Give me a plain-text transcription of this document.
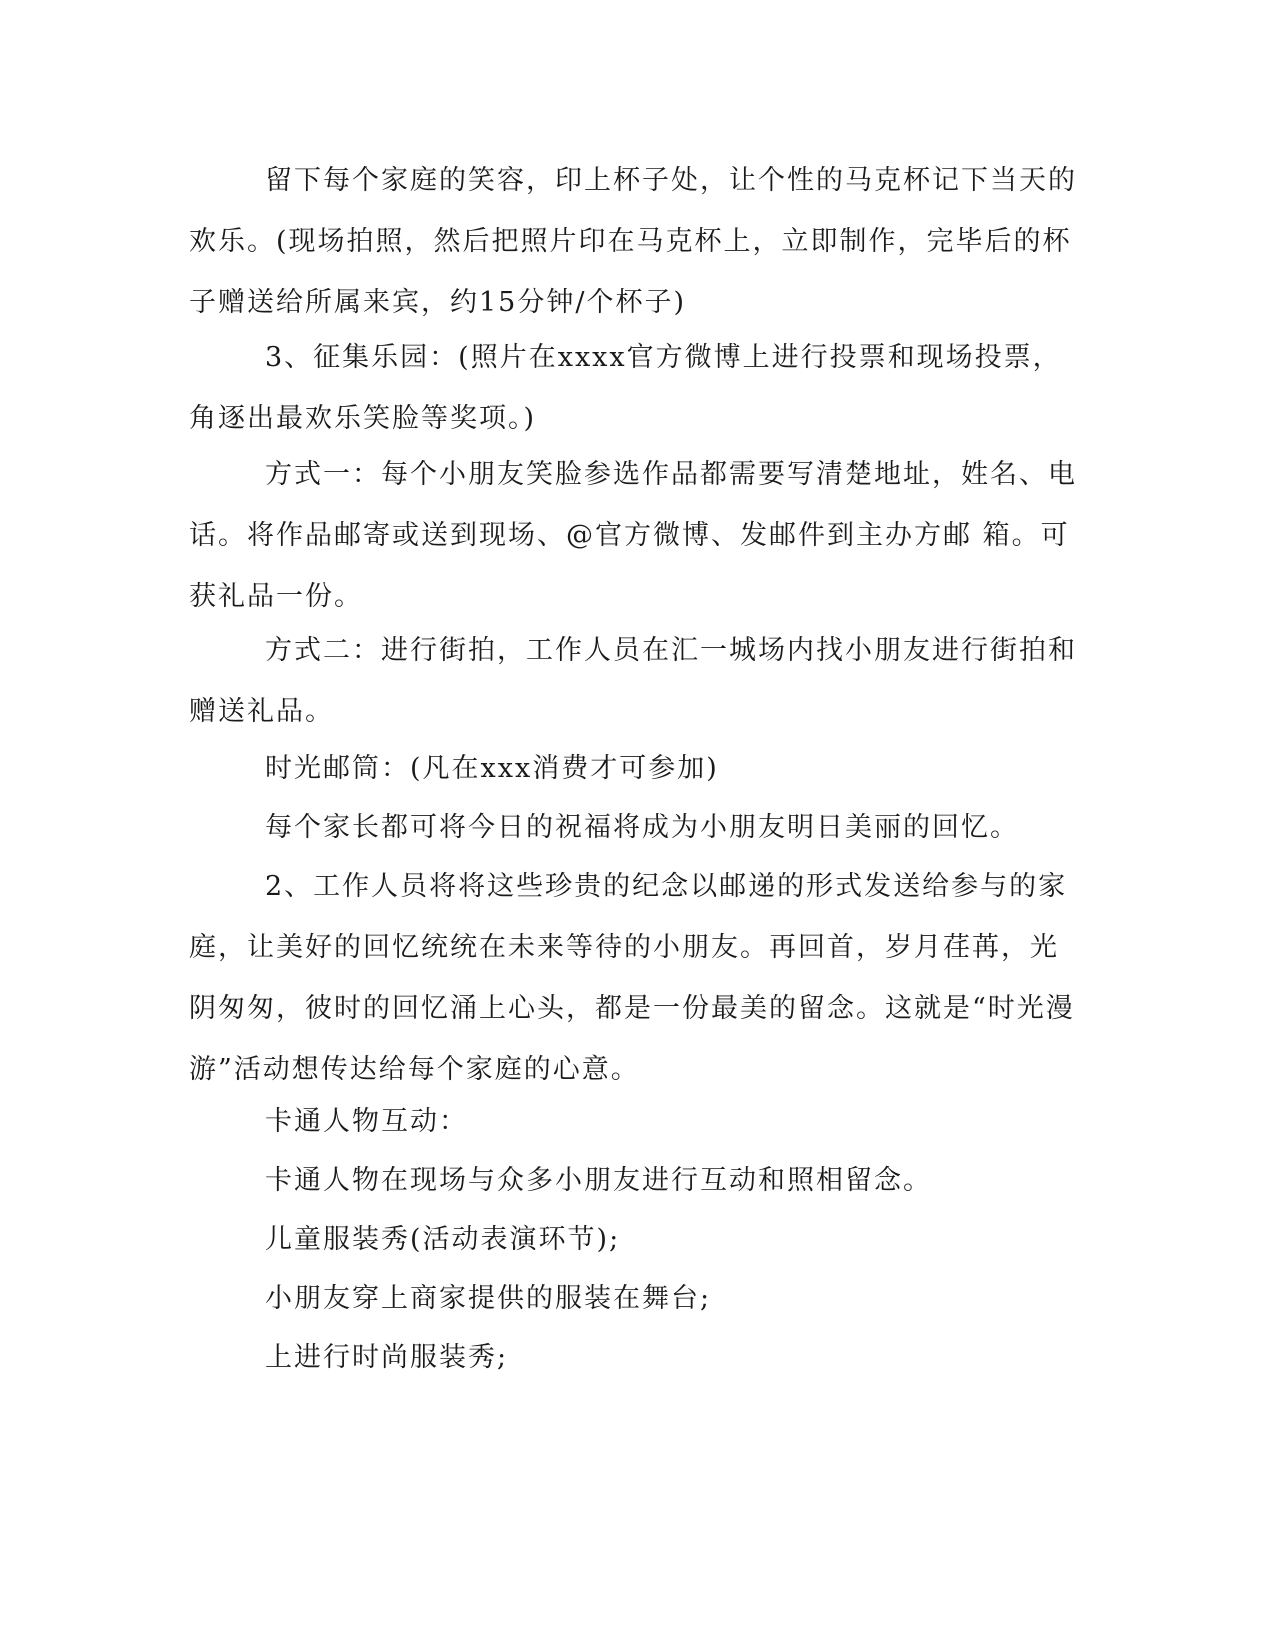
留下每个家庭的笑容，印上杯子处，让个性的马克杯记下当天的欢乐。(现场拍照，然后把照片印在马克杯上，立即制作，完毕后的杯子赠送给所属来宾，约15分钟/个杯子)

3、征集乐园：(照片在xxxx官方微博上进行投票和现场投票，角逐出最欢乐笑脸等奖项。)

方式一：每个小朋友笑脸参选作品都需要写清楚地址，姓名、电话。将作品邮寄或送到现场、@官方微博、发邮件到主办方邮 箱。可获礼品一份。

方式二：进行街拍，工作人员在汇一城场内找小朋友进行街拍和赠送礼品。

时光邮筒：(凡在xxx消费才可参加)

每个家长都可将今日的祝福将成为小朋友明日美丽的回忆。

2、工作人员将将这些珍贵的纪念以邮递的形式发送给参与的家庭，让美好的回忆统统在未来等待的小朋友。再回首，岁月荏苒，光阴匆匆，彼时的回忆涌上心头，都是一份最美的留念。这就是“时光漫游”活动想传达给每个家庭的心意。

卡通人物互动：

卡通人物在现场与众多小朋友进行互动和照相留念。

儿童服装秀(活动表演环节);

小朋友穿上商家提供的服装在舞台;

上进行时尚服装秀;
